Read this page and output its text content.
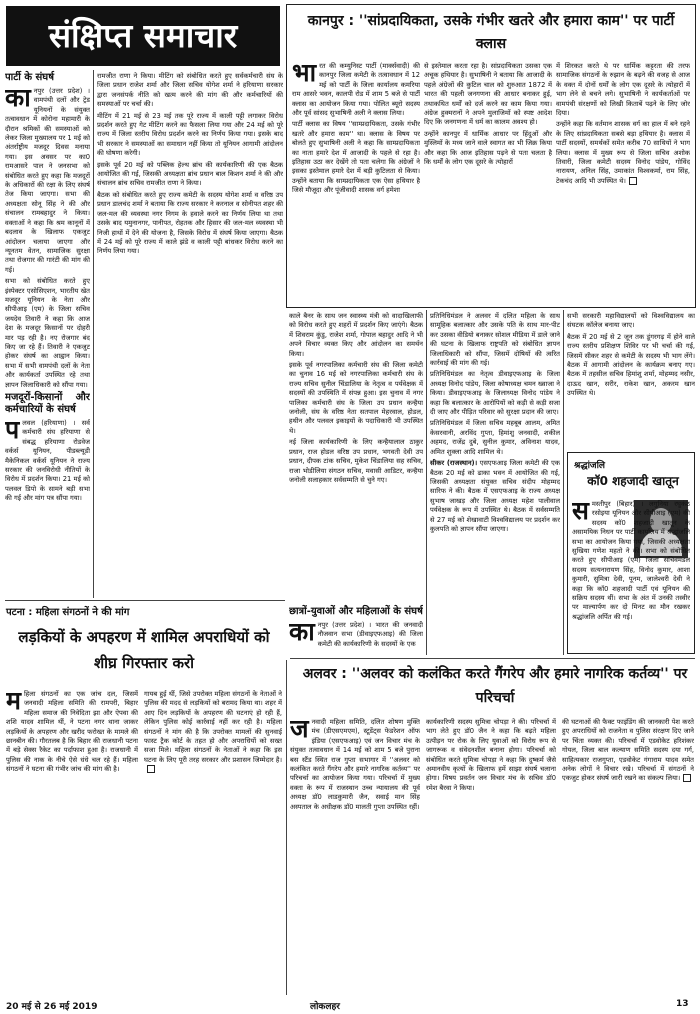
संक्षिप्त समाचार
पार्टी के संघर्ष

कानपुर (उत्तर प्रदेश) । वामपंथी दलों और ट्रेड यूनियनों के संयुक्त तत्वावधान में कोरोना महामारी के दौरान श्रमिकों की समस्याओं को लेकर जिला मुख्यालय पर 1 मई को अंतर्राष्ट्रीय मजदूर दिवस मनाया गया। इस अवसर पर का0 रामआसरे पाल ने जनसभा को संबोधित करते हुए कहा कि मजदूरों के अधिकारों की रक्षा के लिए संघर्ष तेज किया जाएगा। सभा की अध्यक्षता सोनू सिंह ने की और संचालन रामबहादुर ने किया। वक्ताओं ने कहा कि श्रम कानूनों में बदलाव के खिलाफ एकजुट आंदोलन चलाया जाएगा और न्यूनतम वेतन, सामाजिक सुरक्षा तथा रोजगार की गारंटी की मांग की गई।

सभा को संबोधित करते हुए इंस्पेक्टर एसोसिएशन, भारतीय खेत मजदूर यूनियन के नेता और सीपीआइ (एम) के जिला सचिव जयदेव तिवारी ने कहा कि आज देश के मजदूर किसानों पर दोहरी मार पड़ रही है। नए रोजगार बंद किए जा रहे हैं। तिवारी ने एकजुट होकर संघर्ष का आह्वान किया। सभा में सभी वामपंथी दलों के नेता और कार्यकर्ता उपस्थित रहे तथा ज्ञापन जिलाधिकारी को सौंपा गया।

मजदूरों-किसानों और कर्मचारियों के संघर्ष

पलवल (हरियाणा) । सर्व कर्मचारी संघ हरियाणा से संबद्ध हरियाणा रोडवेज वर्कर्स यूनियन, पीडब्ल्यूडी मैकेनिकल वर्कर्स यूनियन ने राज्य सरकार की जनविरोधी नीतियों के विरोध में प्रदर्शन किया। 21 मई को पलवल डिपो के सामने बड़ी सभा की गई और मांग पत्र सौंपा गया।

रामजीत राणा ने किया। मीटिंग को संबोधित करते हुए सर्वकर्मचारी संघ के जिला प्रधान राजेश शर्मा और जिला सचिव योगेश शर्मा ने हरियाणा सरकार द्वारा जनसंपर्क नीति को खत्म करने की मांग की और कर्मचारियों की समस्याओं पर चर्चा की।

मीटिंग में 21 मई से 23 मई तक पूरे राज्य में काली पट्टी लगाकर विरोध प्रदर्शन करते हुए गेट मीटिंग करने का फैसला लिया गया और 24 मई को पूरे राज्य में जिला स्तरीय विरोध प्रदर्शन करने का निर्णय किया गया। इसके बाद भी सरकार ने समस्याओं का समाधान नहीं किया तो यूनियन आगामी आंदोलन की घोषणा करेगी।

इसके पूर्व 20 मई को पब्लिक हेल्थ ब्रांच की कार्यकारिणी की एक बैठक आयोजित की गई, जिसकी अध्यक्षता ब्रांच प्रधान बाल किशन शर्मा ने की और संचालन ब्रांच सचिव रामजीत राणा ने किया।

बैठक को संबोधित करते हुए राज्य कमेटी के सदस्य योगेश शर्मा व वरिष्ठ उप प्रधान डालचंद शर्मा ने बताया कि राज्य सरकार ने करनाल व सोनीपत शहर की जल-मल की व्यवस्था नगर निगम के हवाले करने का निर्णय लिया था तथा उसके बाद यमुनानगर, पानीपत, रोहतक और हिसार की जल-मल व्यवस्था भी निजी हाथों में देने की योजना है, जिसके विरोध में संघर्ष किया जाएगा। बैठक में 24 मई को पूरे राज्य में काले झंडे व काली पट्टी बांधकर विरोध करने का निर्णय लिया गया।

कानपुर : ''सांप्रदायिकता, उसके गंभीर खतरे और हमारा काम'' पर पार्टी क्लास

भारत की कम्युनिस्ट पार्टी (मार्क्सवादी) की कानपुर जिला कमेटी के तत्वावधान में 12 मई को पार्टी के जिला कार्यालय कमरिया राम आसरे भवन, कालपी रोड में शाम 5 बजे से पार्टी क्लास का आयोजन किया गया। पोलित ब्यूरो सदस्य और पूर्व सांसद सुभाषिनी अली ने क्लास लिया।

पार्टी क्लास का विषय ''साम्प्रदायिकता, उसके गंभीर खतरे और हमारा काम'' था। क्लास के विषय पर बोलते हुए सुभाषिनी अली ने कहा कि साम्प्रदायिकता का नाता हमारे देश में आजादी के पहले से रहा है। इतिहास उठा कर देखेंगे तो पता चलेगा कि अंग्रेजों ने इसका इस्तेमाल हमारे देश में बड़ी कुटिलता से किया। उन्होंने बताया कि साम्प्रदायिकता एक ऐसा हथियार है जिसे मौजूदा और पूंजीवादी शासक वर्ग हमेशा

से इस्तेमाल करता रहा है। सांप्रदायिकता उसका एक अचूक हथियार है। सुभाषिनी ने बताया कि आजादी के पहले अंग्रेजों की कुटिल चाल को शुरुआत 1872 में भारत की पहली जनगणना की आधार बनाकर हुई, तथाकथित धर्मों को दर्ज करने का काम किया गया। अंग्रेज हुक्मरानों ने अपने मुलाजिमों को स्पष्ट आदेश दिए कि जनगणना में धर्म का कालम अवश्य हो।

उन्होंने कानपुर में धार्मिक आधार पर हिंदुओं और मुस्लिमों के मध्य जाने वाले स्वागत का भी जिक्र किया और कहा कि आज इतिहास पढ़ने से पता चलता है कि धर्मों के लोग एक दूसरे के त्योहारों

में शिरकत करते थे पर धार्मिक कट्टरता की तरफ सामाजिक संगठनों के रुझान के बढ़ने की वजह से आज के वक्त में दोनों धर्मों के लोग एक दूसरे के त्योहारों में भाग लेने से बचने लगे। सुभाषिनी ने कार्यकर्ताओं पर वामपंथी संरक्षणों को लिखी किताबें पढ़ने के लिए जोर दिया।

उन्होंने कहा कि वर्तमान शासक वर्ग का हाल में बने रहने के लिए सांप्रदायिकता सबसे बड़ा हथियार है। क्लास में पार्टी सदस्यों, समर्थकों समेत करीब 70 साथियों ने भाग लिया। क्लास में मुख्य रूप से जिला सचिव अशोक तिवारी, जिला कमेटी सदस्य विनोद पांडेय, गोविंद नारायण, अनिल सिंह, उमाकांत विश्वकर्मा, राम सिंह, टेकचंद आदि भी उपस्थित थे।

काले बैनर के साथ जन स्वास्थ्य मंत्री को वादाखिलाफी को विरोध करते हुए शहरों में प्रदर्शन किए जाएंगे। बैठक में शिवराम कुंडु, राजेश शर्मा, गोपाल बहादुर आदि ने भी अपने विचार व्यक्त किए और आंदोलन का समर्थन किया।

इसके पूर्व नगरपालिका कर्मचारी संघ की जिला कमेटी का चुनाव 16 मई को नगरपालिका कर्मचारी संघ के राज्य सचिव सुनील चिंडालिया के नेतृत्व व पर्यवेक्षक में सदस्यों की उपस्थिति में संपन्न हुआ। इस चुनाव में नगर पालिका कर्मचारी संघ के जिला उप प्रधान कन्हैया जनोली, संघ के वरिष्ठ नेता सतपाल मेहरवाल, होडल, हथीन और पलवल इकाइयों के पदाधिकारी भी उपस्थित थे।

नई जिला कार्यकारिणी के लिए कन्हैयालाल ठाकुर प्रधान, राज होडल वरिष्ठ उप प्रधान, भगवती देवी उप प्रधान, दीपक टांक सचिव, मुकेश चिंडालिया सह सचिव, राजा भोडीलिया संगठन सचिव, मवासी आडिटर, कन्हैया जनोली सलाहकार सर्वसम्मति से चुने गए।

छात्रों-युवाओं और महिलाओं के संघर्ष

कानपुर (उत्तर प्रदेश) । भारत की जनवादी नौजवान सभा (डीवाइएफआइ) की जिला कमेटी की कार्यकारिणी के सदस्यों के एक

प्रतिनिधिमंडल ने अलवर में दलित महिला के साथ सामूहिक बलात्कार और उसके पति के साथ मार-पीट कर उसका वीडियो बनाकर सोशल मीडिया में डाले जाने की घटना के खिलाफ राष्ट्रपति को संबोधित ज्ञापन जिलाधिकारी को सौंपा, जिसमें दोषियों की त्वरित कार्रवाई की मांग की गई।

प्रतिनिधिमंडल का नेतृत्व डीवाइएफआइ के जिला अध्यक्ष विनोद पांडेय, जिला कोषाध्यक्ष चमन ख्वाजा ने किया। डीवाइएफआइ के जिलाध्यक्ष विनोद पांडेय ने कहा कि बलात्कार के आरोपियों को कड़ी से कड़ी सजा दी जाए और पीड़ित परिवार को सुरक्षा प्रदान की जाए।

प्रतिनिधिमंडल में जिला सचिव महबूब आलम, अमित केसरवानी, अरविंद गुप्ता, हिमांशु जनवादी, शकील अहमद, राजेंद्र दुबे, सुनील कुमार, अविनाश यादव, अमित शुक्ला आदि शामिल थे।

सीकर (राजस्थान)। एसएफआइ जिला कमेटी की एक बैठक 20 मई को ढाका भवन में आयोजित की गई, जिसकी अध्यक्षता संयुक्त सचिव संदीप मोहम्मद सारिफ ने की। बैठक में एसएफआइ के राज्य अध्यक्ष सुभाष जाखड़ और जिला अध्यक्ष महेश पालीवाल पर्यवेक्षक के रूप में उपस्थित थे। बैठक में सर्वसम्मति से 27 मई को शेखावाटी विश्वविद्यालय पर प्रदर्शन कर कुलपति को ज्ञापन सौंपा जाएगा।

सभी सरकारी महाविद्यालयों को विश्वविद्यालय का संघटक कॉलेज बनाया जाए।

बैठक में 20 मई से 2 जून तक डूंगरगढ़ में होने वाले राज्य स्तरीय प्रशिक्षण शिविर पर भी चर्चा की गई, जिसमें सीकर शहर से कमेटी के सदस्य भी भाग लेंगे। बैठक में आगामी आंदोलन के कार्यक्रम बनाए गए। बैठक में तहसील सचिव हिमांशु शर्मा, मोहम्मद नसीर, दाऊद खान, सरीर, राकेश खान, अकरम खान उपस्थित थे।

श्रद्धांजलि
कॉ0 शहजादी खातून

समस्तीपुर (बिहार) । लगुनिया रघुकंठ रसोइया यूनियन और सीपीआइ (एम) की सदस्य कॉ0 शहजादी खातून के असामयिक निधन पर पार्टी कार्यालय में श्रद्धांजलि सभा का आयोजन किया गया, जिसकी अध्यक्षता सुखिया गणेश महतो ने की। सभा को संबोधित करते हुए सीपीआइ (एम) जिला सचिवमंडल सदस्य सत्यनारायण सिंह, विनोद कुमार, आशा कुमारी, सुमित्रा देवी, पूनम, जालेश्वरी देवी ने कहा कि कॉ0 शहजादी पार्टी एवं यूनियन की सक्रिय सदस्य थीं। सभा के अंत में उनकी तस्वीर पर माल्यार्पण कर दो मिनट का मौन रखकर श्रद्धांजलि अर्पित की गई।

पटना : महिला संगठनों ने की मांग
लड़कियों के अपहरण में शामिल अपराधियों को शीघ्र गिरफ्तार करो

महिला संगठनों का एक जांच दल, जिसमें जनवादी महिला समिति की रामपरी, बिहार महिला समाज की निवेदिता झा और ऐपवा की शशि यादव शामिल थीं, ने पटना नगर थाना जाकर लड़कियों के अपहरण और खरीद फरोख्त के मामले की छानबीन की। गौरतलब है कि बिहार की राजधानी पटना में बड़े सेक्स रैकेट का पर्दाफाश हुआ है। राजधानी में पुलिस की नाक के नीचे ऐसे धंधे चल रहे हैं। महिला संगठनों ने घटना की गंभीर जांच की मांग की है।

गायब हुई थीं, जिसे उपरोक्त महिला संगठनों के नेताओं ने पुलिस की मदद से लड़कियों को बरामद किया था। शहर में आए दिन लड़कियों के अपहरण की घटनाएं हो रही हैं, लेकिन पुलिस कोई कार्रवाई नहीं कर रही है। महिला संगठनों ने मांग की है कि उपरोक्त मामलों की सुनवाई फास्ट ट्रैक कोर्ट के तहत हो और अपराधियों को सख्त सजा मिले। महिला संगठनों के नेताओं ने कहा कि इस घटना के लिए पूरी तरह सरकार और प्रशासन जिम्मेदार है।

अलवर : ''अलवर को कलंकित करते गैंगरेप और हमारे नागरिक कर्तव्य'' पर परिचर्चा

जनवादी महिला समिति, दलित शोषण मुक्ति मंच (डीएसएमएम), स्टूडेंट्स फेडरेशन ऑफ इंडिया (एसएफआइ) एवं जन विचार मंच के संयुक्त तत्वावधान में 14 मई को शाम 5 बजे पुराना बस स्टैंड स्थित राज गुप्ता सभागार में ''अलवर को कलंकित करते गैंगरेप और हमारे नागरिक कर्तव्य'' पर परिचर्चा का आयोजन किया गया। परिचर्चा में मुख्य वक्ता के रूप में राजस्थान उच्च न्यायालय की पूर्व अध्यक्ष डॉ0 लाडकुमारी जैन, सवाई मान सिंह अस्पताल के अधीक्षक डॉ0 मालती गुप्ता उपस्थित रहीं।

कार्यकारिणी सदस्य सुमित्रा चोपड़ा ने की। परिचर्चा में भाग लेते हुए डॉ0 जैन ने कहा कि बढ़ते महिला उत्पीड़न पर रोक के लिए युवाओं को विरोध रूप से जागरूक व संवेदनशील बनाना होगा। परिचर्चा को संबोधित करते सुमित्रा चोपड़ा ने कहा कि दुष्कर्म जैसे अमानवीय कृत्यों के खिलाफ हमें साझा संघर्ष चलाना होगा। विषय प्रवर्तन जन विचार मंच के सचिव डॉ0 रमेश बैरवा ने किया।

की घटनाओं की फैक्ट फाइंडिंग की जानकारी पेश करते हुए अपराधियों को राजनेता व पुलिस संरक्षण दिए जाने पर चिंता व्यक्त की। परिचर्चा में एडवोकेट हरिशंकर गोयल, जिला बाल कल्याण समिति सदस्य दया गर्ग, साहित्यकार राजगुप्ता, एडवोकेट गंगाराम यादव समेत अनेक लोगों ने विचार रखे। परिचर्चा में संगठनों ने एकजुट होकर संघर्ष जारी रखने का संकल्प लिया।

20 मई से 26 मई 2019	लोकलहर	13
